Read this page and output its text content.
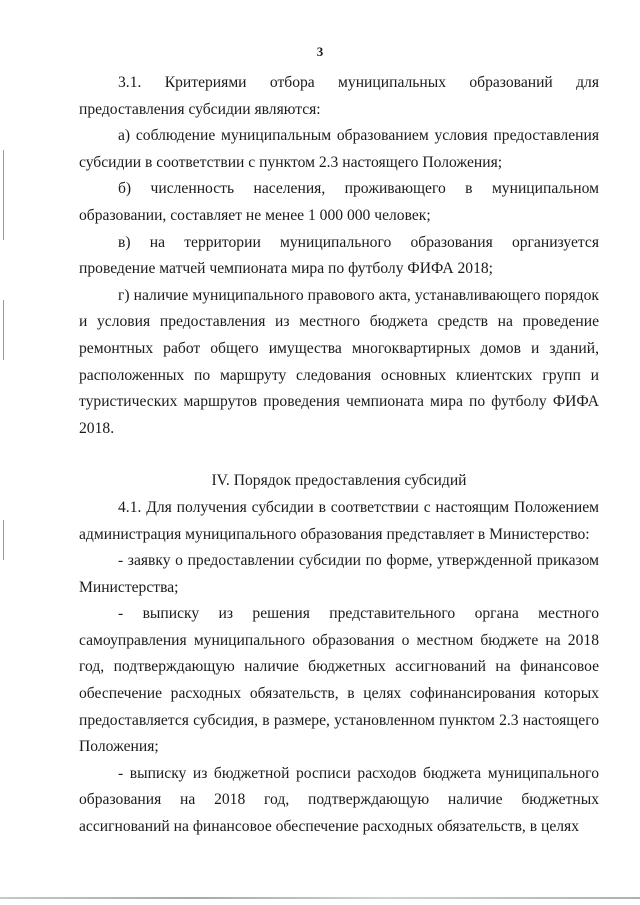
3

3.1. Критериями отбора муниципальных образований для предоставления субсидии являются:

а) соблюдение муниципальным образованием условия предоставления субсидии в соответствии с пунктом 2.3 настоящего Положения;

б) численность населения, проживающего в муниципальном образовании, составляет не менее 1 000 000 человек;

в) на территории муниципального образования организуется проведение матчей чемпионата мира по футболу ФИФА 2018;

г) наличие муниципального правового акта, устанавливающего порядок и условия предоставления из местного бюджета средств на проведение ремонтных работ общего имущества многоквартирных домов и зданий, расположенных по маршруту следования основных клиентских групп и туристических маршрутов проведения чемпионата мира по футболу ФИФА 2018.

IV. Порядок предоставления субсидий

4.1. Для получения субсидии в соответствии с настоящим Положением администрация муниципального образования представляет в Министерство:

- заявку о предоставлении субсидии по форме, утвержденной приказом Министерства;

- выписку из решения представительного органа местного самоуправления муниципального образования о местном бюджете на 2018 год, подтверждающую наличие бюджетных ассигнований на финансовое обеспечение расходных обязательств, в целях софинансирования которых предоставляется субсидия, в размере, установленном пунктом 2.3 настоящего Положения;

- выписку из бюджетной росписи расходов бюджета муниципального образования на 2018 год, подтверждающую наличие бюджетных ассигнований на финансовое обеспечение расходных обязательств, в целях
